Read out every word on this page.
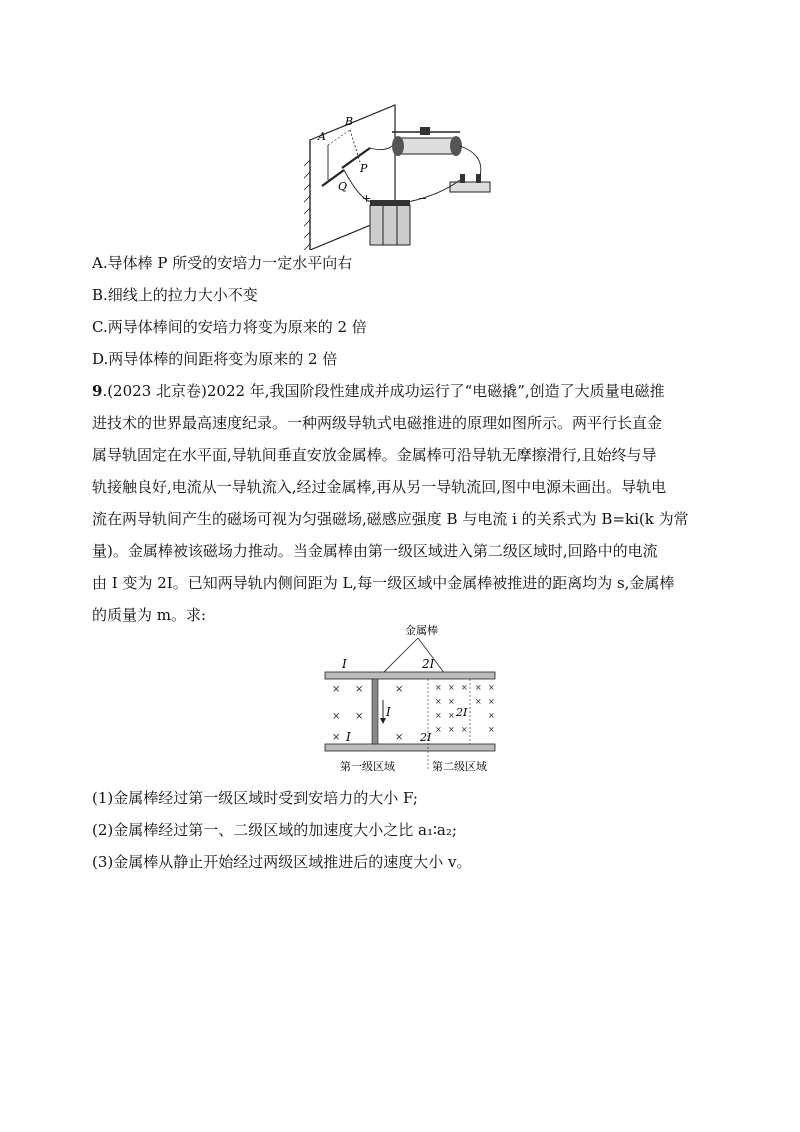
A
B
P
Q
+	−
A.导体棒 P 所受的安培力一定水平向右
B.细线上的拉力大小不变
C.两导体棒间的安培力将变为原来的 2 倍
D.两导体棒的间距将变为原来的 2 倍

9.(2023 北京卷)2022 年,我国阶段性建成并成功运行了“电磁撬”,创造了大质量电磁推

进技术的世界最高速度纪录。一种两级导轨式电磁推进的原理如图所示。两平行长直金

属导轨固定在水平面,导轨间垂直安放金属棒。金属棒可沿导轨无摩擦滑行,且始终与导

轨接触良好,电流从一导轨流入,经过金属棒,再从另一导轨流回,图中电源未画出。导轨电

流在两导轨间产生的磁场可视为匀强磁场,磁感应强度 B 与电流 i 的关系式为 B=ki(k 为常

量)。金属棒被该磁场力推动。当金属棒由第一级区域进入第二级区域时,回路中的电流

由 I 变为 2I。已知两导轨内侧间距为 L,每一级区域中金属棒被推进的距离均为 s,金属棒

的质量为 m。求:

金属棒
I	2I
I
I	2I
2I
× ×	×
× ×
×	×
× × × × ×
× ×	× ×
× ×	×
× × ×	×
第一级区域	第二级区域
(1)金属棒经过第一级区域时受到安培力的大小 F;
(2)金属棒经过第一、二级区域的加速度大小之比 a₁∶a₂;
(3)金属棒从静止开始经过两级区域推进后的速度大小 v。
